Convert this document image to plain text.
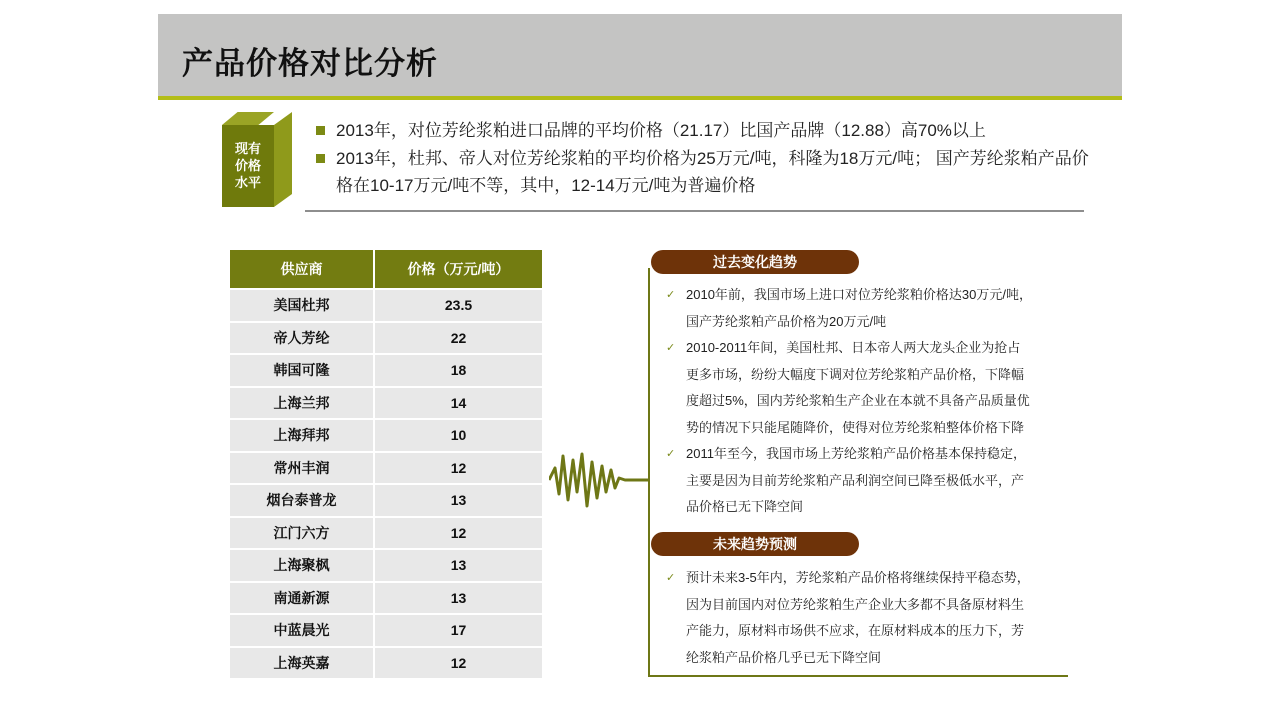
产品价格对比分析
现有
价格
水平
2013年，对位芳纶浆粕进口品牌的平均价格（21.17）比国产品牌（12.88）高70%以上
2013年，杜邦、帝人对位芳纶浆粕的平均价格为25万元/吨，科隆为18万元/吨； 国产芳纶浆粕产品价格在10-17万元/吨不等，其中，12-14万元/吨为普遍价格
供应商	价格（万元/吨）
美国杜邦	23.5
帝人芳纶	22
韩国可隆	18
上海兰邦	14
上海拜邦	10
常州丰润	12
烟台泰普龙	13
江门六方	12
上海聚枫	13
南通新源	13
中蓝晨光	17
上海英嘉	12
过去变化趋势
✓ 2010年前，我国市场上进口对位芳纶浆粕价格达30万元/吨，
国产芳纶浆粕产品价格为20万元/吨
✓ 2010-2011年间，美国杜邦、日本帝人两大龙头企业为抢占
更多市场，纷纷大幅度下调对位芳纶浆粕产品价格，下降幅
度超过5%，国内芳纶浆粕生产企业在本就不具备产品质量优
势的情况下只能尾随降价，使得对位芳纶浆粕整体价格下降
✓ 2011年至今，我国市场上芳纶浆粕产品价格基本保持稳定，
主要是因为目前芳纶浆粕产品利润空间已降至极低水平，产
品价格已无下降空间
未来趋势预测
✓ 预计未来3-5年内，芳纶浆粕产品价格将继续保持平稳态势，
因为目前国内对位芳纶浆粕生产企业大多都不具备原材料生
产能力，原材料市场供不应求，在原材料成本的压力下，芳
纶浆粕产品价格几乎已无下降空间
